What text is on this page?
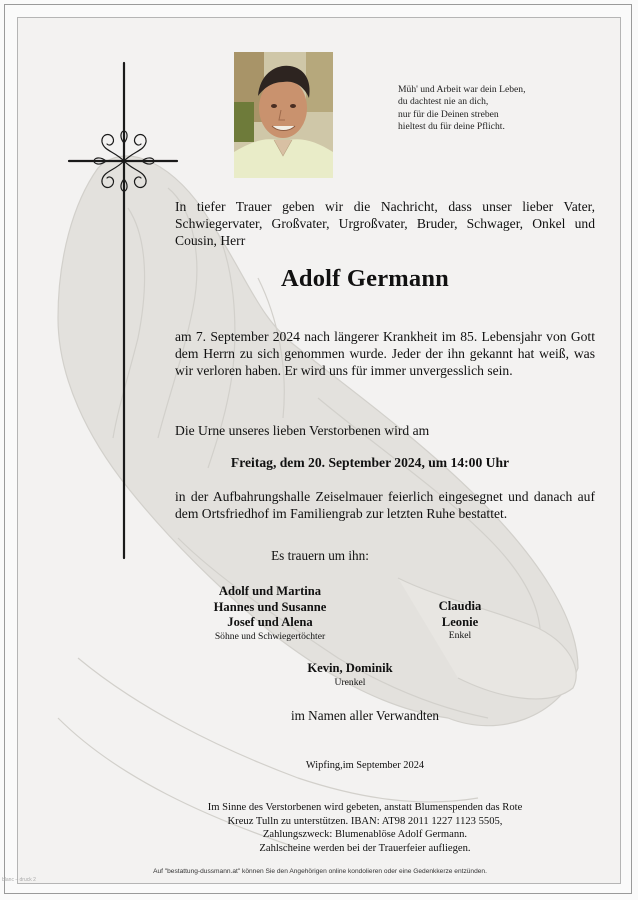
Müh' und Arbeit war dein Leben,
du dachtest nie an dich,
nur für die Deinen streben
hieltest du für deine Pflicht.
In tiefer Trauer geben wir die Nachricht, dass unser lieber Vater, Schwiegervater, Großvater, Urgroßvater, Bruder, Schwager, Onkel und Cousin, Herr
Adolf Germann
am 7. September 2024 nach längerer Krankheit im 85. Lebensjahr von Gott dem Herrn zu sich genommen wurde. Jeder der ihn gekannt hat weiß, was wir verloren haben. Er wird uns für immer unvergesslich sein.
Die Urne unseres lieben Verstorbenen wird am
Freitag, dem 20. September 2024, um 14:00 Uhr
in der Aufbahrungshalle Zeiselmauer feierlich eingesegnet und danach auf dem Ortsfriedhof im Familiengrab zur letzten Ruhe bestattet.
Es trauern um ihn:
Adolf und Martina
Hannes und Susanne
Josef und Alena
Söhne und Schwiegertöchter
Claudia
Leonie
Enkel
Kevin, Dominik
Urenkel
im Namen aller Verwandten
Wipfing,im September 2024
Im Sinne des Verstorbenen wird gebeten, anstatt Blumenspenden das Rote
Kreuz Tulln zu unterstützen. IBAN: AT98 2011 1227 1123 5505,
Zahlungszweck: Blumenablöse Adolf Germann.
Zahlscheine werden bei der Trauerfeier aufliegen.
Auf "bestattung-dussmann.at" können Sie den Angehörigen online kondolieren oder eine Gedenkkerze entzünden.
blanc – druck 2
